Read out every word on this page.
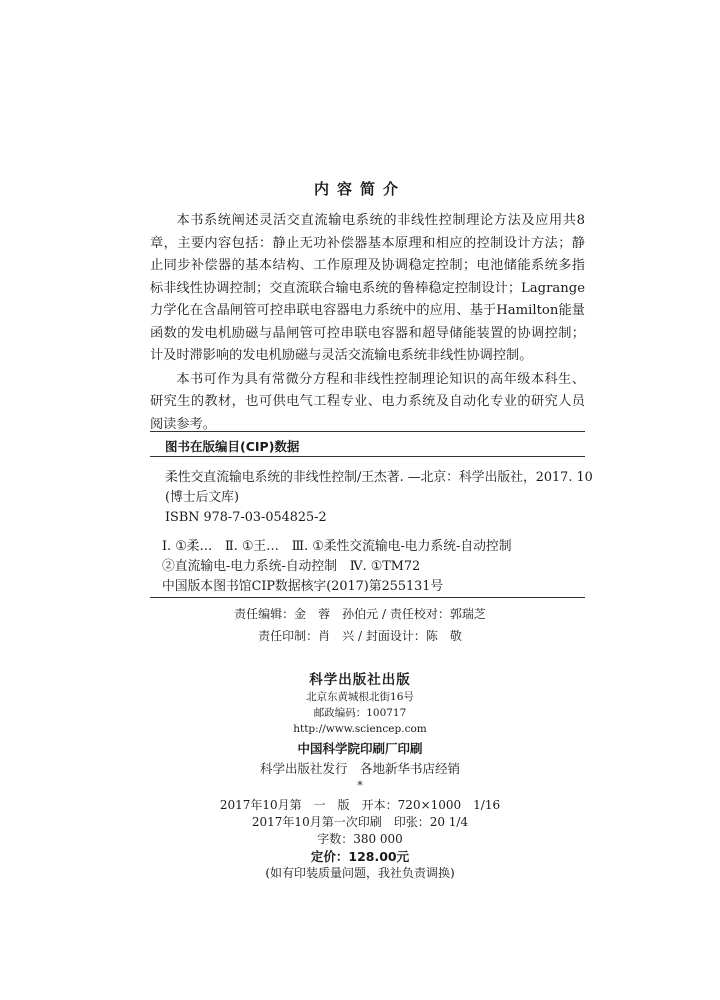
内容简介

本书系统阐述灵活交直流输电系统的非线性控制理论方法及应用共8章，主要内容包括：静止无功补偿器基本原理和相应的控制设计方法；静止同步补偿器的基本结构、工作原理及协调稳定控制；电池储能系统多指标非线性协调控制；交直流联合输电系统的鲁棒稳定控制设计；Lagrange力学化在含晶闸管可控串联电容器电力系统中的应用、基于Hamilton能量函数的发电机励磁与晶闸管可控串联电容器和超导储能装置的协调控制；计及时滞影响的发电机励磁与灵活交流输电系统非线性协调控制。

本书可作为具有常微分方程和非线性控制理论知识的高年级本科生、研究生的教材，也可供电气工程专业、电力系统及自动化专业的研究人员阅读参考。

图书在版编目(CIP)数据
柔性交直流输电系统的非线性控制/王杰著. —北京：科学出版社，2017. 10
(博士后文库)
ISBN 978-7-03-054825-2
Ⅰ. ①柔…　Ⅱ. ①王…　Ⅲ. ①柔性交流输电-电力系统-自动控制
②直流输电-电力系统-自动控制　Ⅳ. ①TM72
中国版本图书馆CIP数据核字(2017)第255131号
责任编辑：金　蓉　孙伯元 / 责任校对：郭瑞芝
责任印制：肖　兴 / 封面设计：陈　敬
科学出版社出版
北京东黄城根北街16号
邮政编码：100717
http://www.sciencep.com
中国科学院印刷厂印刷
科学出版社发行　各地新华书店经销
*
2017年10月第　一　版　开本：720×1000　1/16
2017年10月第一次印刷　印张：20 1/4
字数：380 000
定价：128.00元
(如有印装质量问题，我社负责调换)
